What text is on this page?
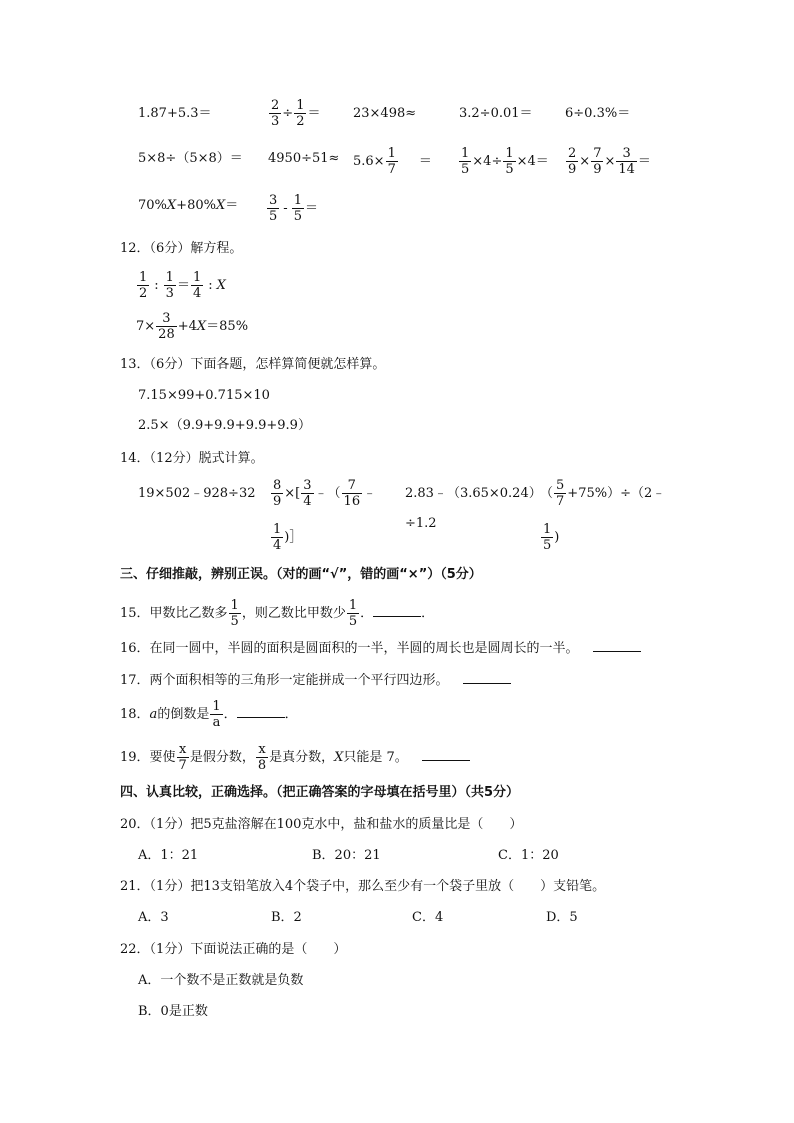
1.87+5.3＝	$\frac{2}{3} \div \frac{1}{2}$ ＝	23×498≈	3.2÷0.01＝ 6÷0.3%＝
$5\times 8\div(5\times 8)= 4950\div 51\approx 5.6\times \frac{1}{7} = \frac{1}{5} \times 4\div \frac{1}{5} \times 4= \frac{2}{9} \times \frac{7}{9} \times \frac{3}{14}$ ＝
$70\%X+80\%X= \frac{3}{5} - \frac{1}{5}$ ＝
12．（6分）解方程。
$\frac{1}{2}$ : $\frac{1}{3} = \frac{1}{4}$ : X
$7\times \frac{3}{28} +4X=85\%$
13．（6分）下面各题，怎样算简便就怎样算。
7.15×99+0.715×10
2.5×（9.9+9.9+9.9+9.9）
14．（12分）脱式计算。
19×502﹣928÷32 $\frac{8}{9}$ ×[ $\frac{3}{4}$ ﹣（ $\frac{7}{16}$ ﹣
$\frac{1}{4}$ )］
2.83﹣（3.65×0.24）
÷1.2
（ $\frac{5}{7}$ +75%）÷（2﹣
$\frac{1}{5}$ )
三、仔细推敲，辨别正误。（对的画“√”，错的画“×”）（5分）
15．甲数比乙数多 $\frac{1}{5}$ ，则乙数比甲数少 $\frac{1}{5}$ ．	．
16．在同一圆中，半圆的面积是圆面积的一半，半圆的周长也是圆周长的一半。
17．两个面积相等的三角形一定能拼成一个平行四边形。
18．a的倒数是 $\frac{1}{a}$ ．	．
19．要使 $\frac{x}{7}$ 是假分数， $\frac{x}{8}$ 是真分数，X只能是 7。
四、认真比较，正确选择。（把正确答案的字母填在括号里）（共5分）
20．（1分）把5克盐溶解在100克水中，盐和盐水的质量比是（　　）
A．1：21	B．20：21	C．1：20
21．（1分）把13支铅笔放入4个袋子中，那么至少有一个袋子里放（　　）支铅笔。
A．3	B．2	C．4	D．5
22．（1分）下面说法正确的是（　　）
A．一个数不是正数就是负数
B．0是正数
